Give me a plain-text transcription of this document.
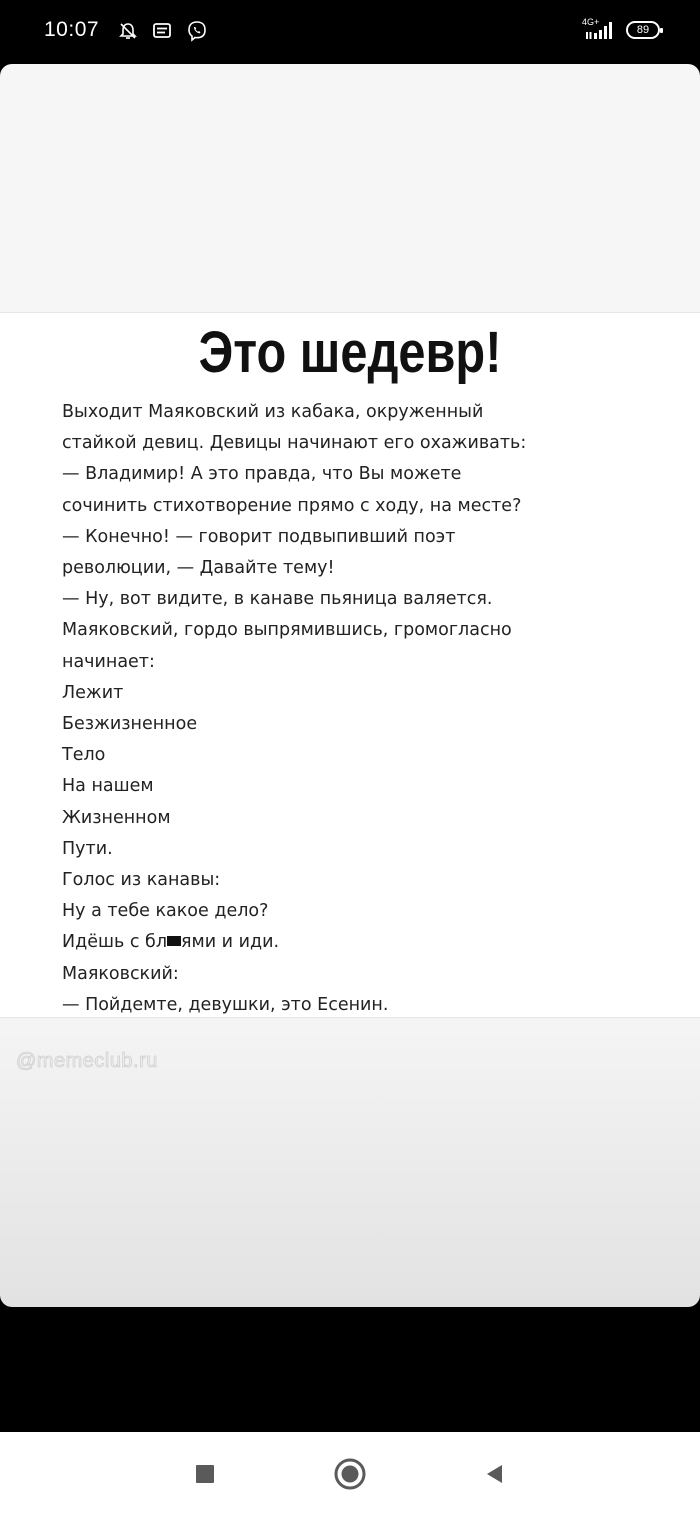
10:07	4G+
89
Это шедевр!
Выходит Маяковский из кабака, окруженный
стайкой девиц. Девицы начинают его охаживать:
— Владимир! А это правда, что Вы можете
сочинить стихотворение прямо с ходу, на месте?
— Конечно! — говорит подвыпивший поэт
революции, — Давайте тему!
— Ну, вот видите, в канаве пьяница валяется.
Маяковский, гордо выпрямившись, громогласно
начинает:
Лежит
Безжизненное
Тело
На нашем
Жизненном
Пути.
Голос из канавы:
Ну а тебе какое дело?
Идёшь с бл ями и иди.
Маяковский:
— Пойдемте, девушки, это Есенин.
@memeclub.ru
